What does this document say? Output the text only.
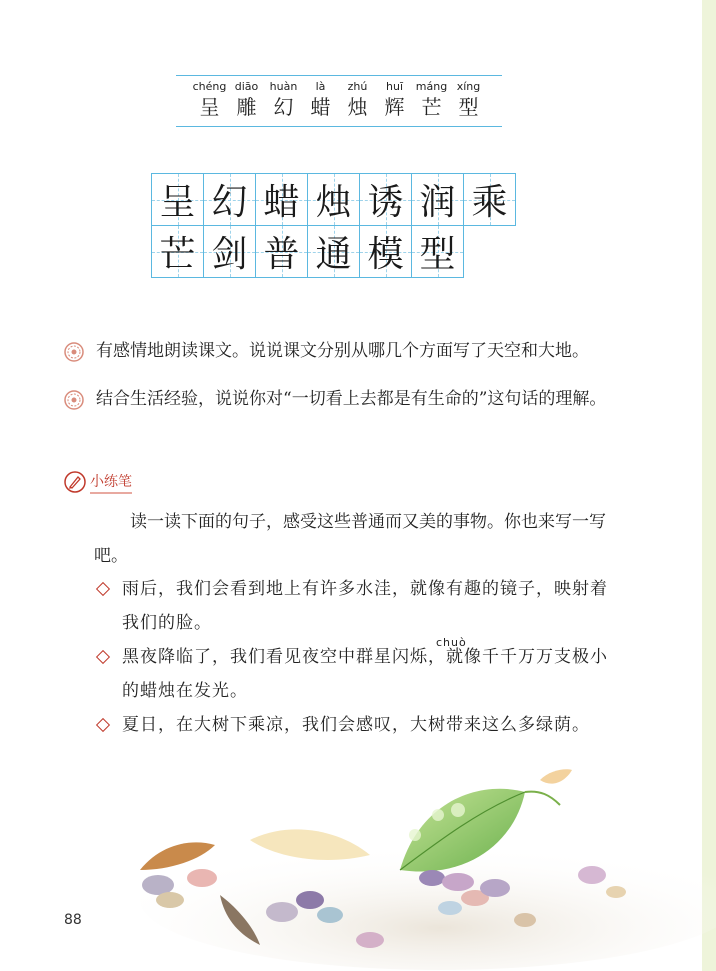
chéng
呈
diāo
雕
huàn
幻
là
蜡
zhú
烛
huī
辉
máng
芒
xíng
型
呈 幻 蜡 烛 诱 润 乘
芒 剑 普 通 模 型
有感情地朗读课文。说说课文分别从哪几个方面写了天空和大地。
结合生活经验，说说你对“一切看上去都是有生命的”这句话的理解。
小练笔
读一读下面的句子，感受这些普通而又美的事物。你也来写一写吧。
雨后，我们会看到地上有许多水洼，就像有趣的镜子，映射着我们的脸。
chuò
黑夜降临了，我们看见夜空中群星闪烁，就像千千万万支极小的蜡烛在发光。
夏日，在大树下乘凉，我们会感叹，大树带来这么多绿荫。
88
